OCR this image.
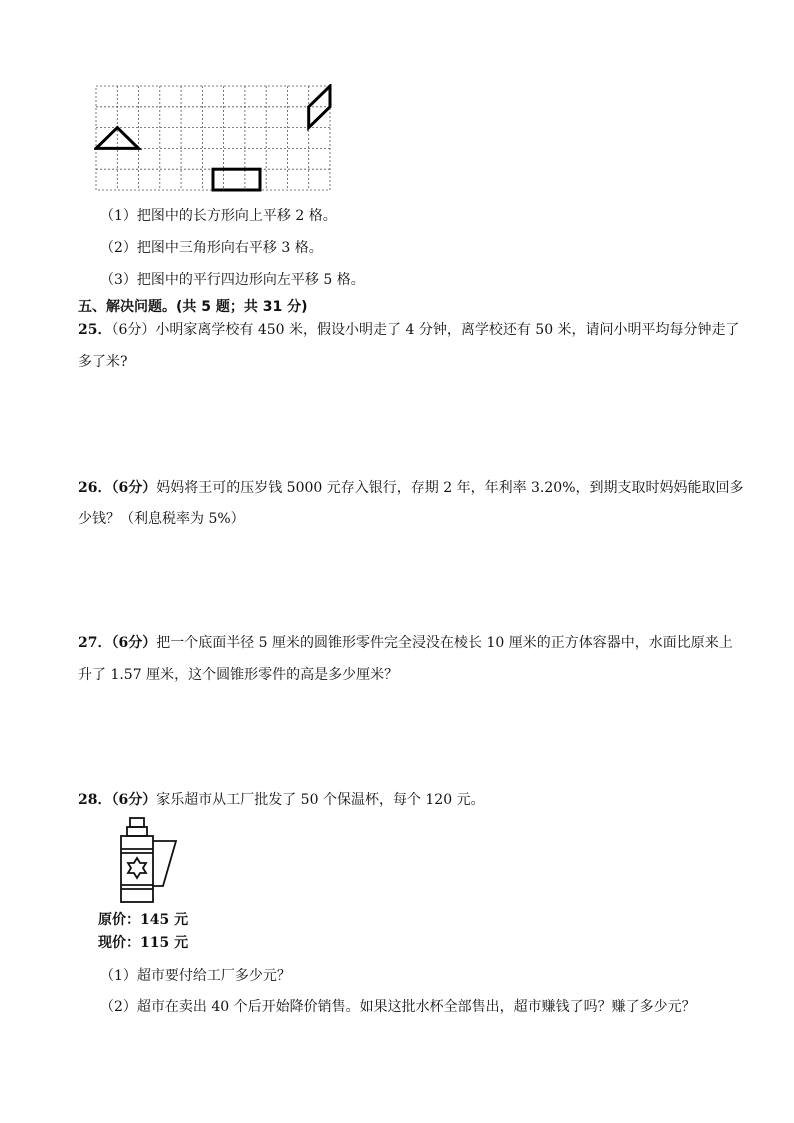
（1）把图中的长方形向上平移 2 格。
（2）把图中三角形向右平移 3 格。
（3）把图中的平行四边形向左平移 5 格。
五、解决问题。(共 5 题；共 31 分)
25．（6分）小明家离学校有 450 米，假设小明走了 4 分钟，离学校还有 50 米，请问小明平均每分钟走了
多了米?
26．（6分）妈妈将王可的压岁钱 5000 元存入银行，存期 2 年，年利率 3.20%，到期支取时妈妈能取回多
少钱？（利息税率为 5%）
27．（6分）把一个底面半径 5 厘米的圆锥形零件完全浸没在棱长 10 厘米的正方体容器中，水面比原来上
升了 1.57 厘米，这个圆锥形零件的高是多少厘米？
28．（6分）家乐超市从工厂批发了 50 个保温杯，每个 120 元。
原价：145 元
现价：115 元
（1）超市要付给工厂多少元？
（2）超市在卖出 40 个后开始降价销售。如果这批水杯全部售出，超市赚钱了吗？赚了多少元？
